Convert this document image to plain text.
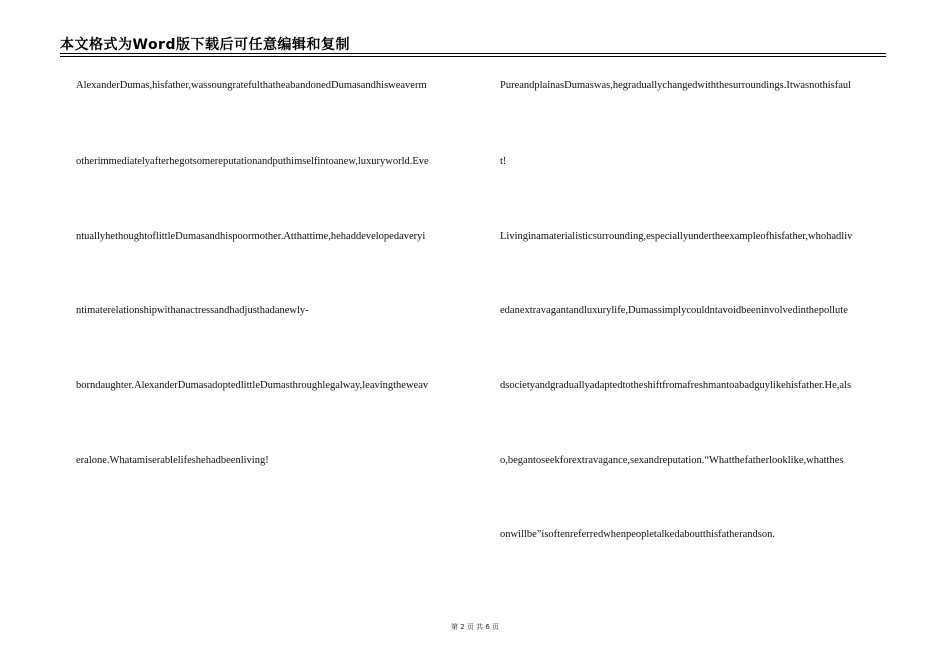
本文格式为Word版下载后可任意编辑和复制
AlexanderDumas,hisfather,wassoungratefulthatheabandonedDumasandhisweaverm
otherimmediatelyafterhegotsomereputationandputhimselfintoanew,luxuryworld.Eve
ntuallyhethoughtoflittleDumasandhispoormother.Atthattime,hehaddevelopedaveryi
ntimaterelationshipwithanactressandhadjusthadanewly-
borndaughter.AlexanderDumasadoptedlittleDumasthroughlegalway,leavingtheweav
eralone.Whatamiserablelifeshehadbeenliving!
PureandplainasDumaswas,hegraduallychangedwiththesurroundings.Itwasnothisfaul
t!
Livinginamaterialisticsurrounding,especiallyundertheexampleofhisfather,whohadliv
edanextravagantandluxurylife,Dumassimplycouldntavoidbeeninvolvedinthepollute
dsocietyandgraduallyadaptedtotheshiftfromafreshmantoabadguylikehisfather.He,als
o,begantoseekforextravagance,sexandreputation.“Whatthefatherlooklike,whatthes
onwillbe”isoftenreferredwhenpeopletalkedaboutthisfatherandson.
第 2 页 共 6 页
